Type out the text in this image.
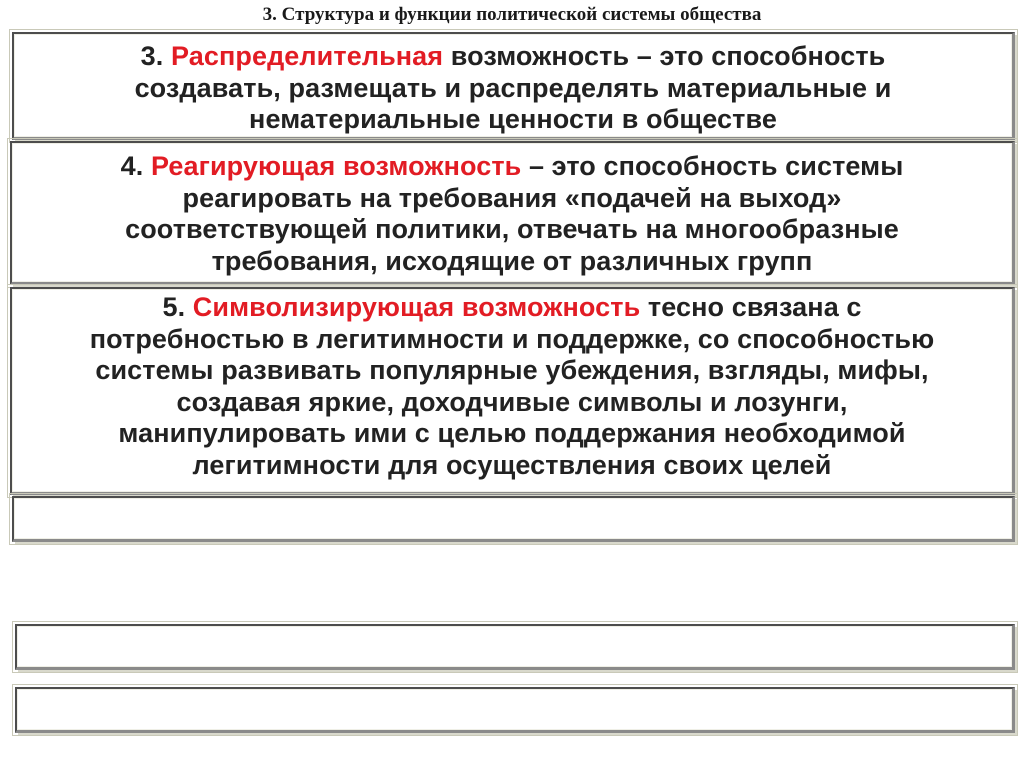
3. Структура и функции политической системы общества
3. Распределительная возможность – это способность
создавать, размещать и распределять материальные и
нематериальные ценности в обществе
4. Реагирующая возможность – это способность системы
реагировать на требования «подачей на выход»
соответствующей политики, отвечать на многообразные
требования, исходящие от различных групп
5. Символизирующая возможность тесно связана с
потребностью в легитимности и поддержке, со способностью
системы развивать популярные убеждения, взгляды, мифы,
создавая яркие, доходчивые символы и лозунги,
манипулировать ими с целью поддержания необходимой
легитимности для осуществления своих целей
